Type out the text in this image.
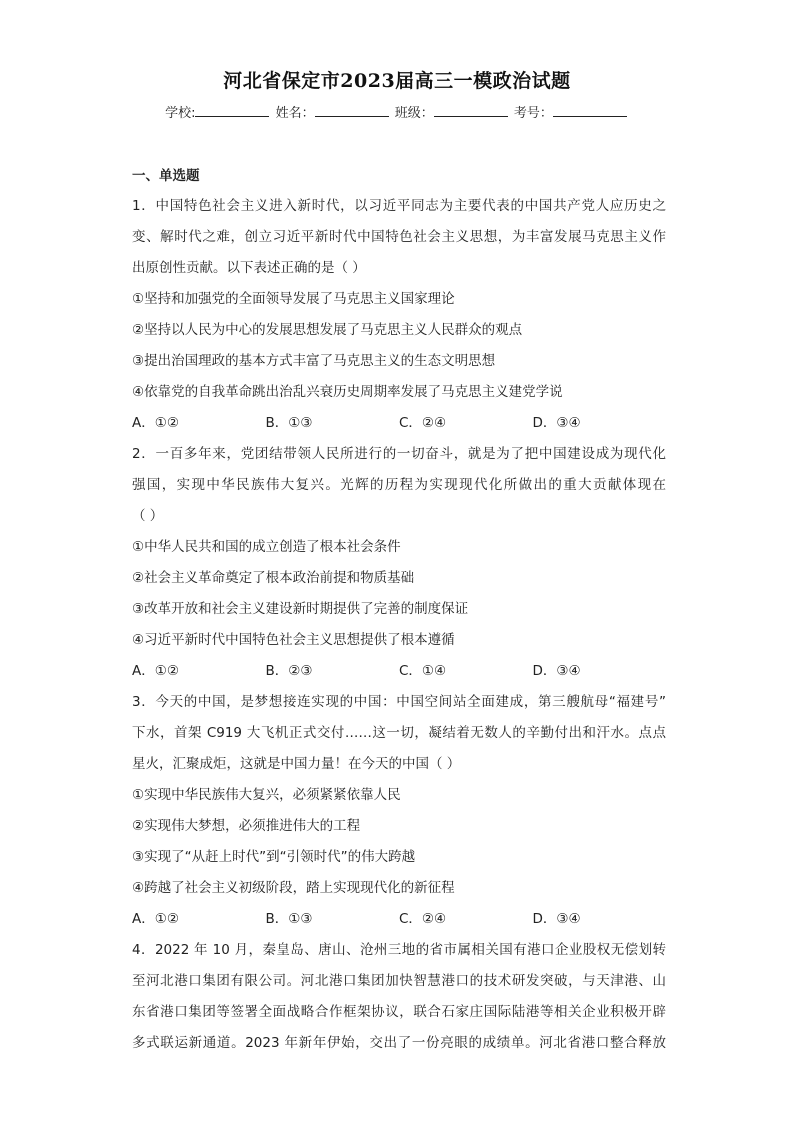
河北省保定市2023届高三一模政治试题
学校:	姓名：	班级：	考号：
一、单选题
1．中国特色社会主义进入新时代，以习近平同志为主要代表的中国共产党人应历史之
变、解时代之难，创立习近平新时代中国特色社会主义思想，为丰富发展马克思主义作
出原创性贡献。以下表述正确的是（ ）
①坚持和加强党的全面领导发展了马克思主义国家理论
②坚持以人民为中心的发展思想发展了马克思主义人民群众的观点
③提出治国理政的基本方式丰富了马克思主义的生态文明思想
④依靠党的自我革命跳出治乱兴衰历史周期率发展了马克思主义建党学说
A．①②	B．①③	C．②④	D．③④
2．一百多年来，党团结带领人民所进行的一切奋斗，就是为了把中国建设成为现代化
强国，实现中华民族伟大复兴。光辉的历程为实现现代化所做出的重大贡献体现在
（ ）
①中华人民共和国的成立创造了根本社会条件
②社会主义革命奠定了根本政治前提和物质基础
③改革开放和社会主义建设新时期提供了完善的制度保证
④习近平新时代中国特色社会主义思想提供了根本遵循
A．①②	B．②③	C．①④	D．③④
3．今天的中国，是梦想接连实现的中国：中国空间站全面建成，第三艘航母“福建号”
下水，首架 C919 大飞机正式交付……这一切，凝结着无数人的辛勤付出和汗水。点点
星火，汇聚成炬，这就是中国力量！在今天的中国（ ）
①实现中华民族伟大复兴，必须紧紧依靠人民
②实现伟大梦想，必须推进伟大的工程
③实现了“从赶上时代”到“引领时代”的伟大跨越
④跨越了社会主义初级阶段，踏上实现现代化的新征程
A．①②	B．①③	C．②④	D．③④
4．2022 年 10 月，秦皇岛、唐山、沧州三地的省市属相关国有港口企业股权无偿划转
至河北港口集团有限公司。河北港口集团加快智慧港口的技术研发突破，与天津港、山
东省港口集团等签署全面战略合作框架协议，联合石家庄国际陆港等相关企业积极开辟
多式联运新通道。2023 年新年伊始，交出了一份亮眼的成绩单。河北省港口整合释放
